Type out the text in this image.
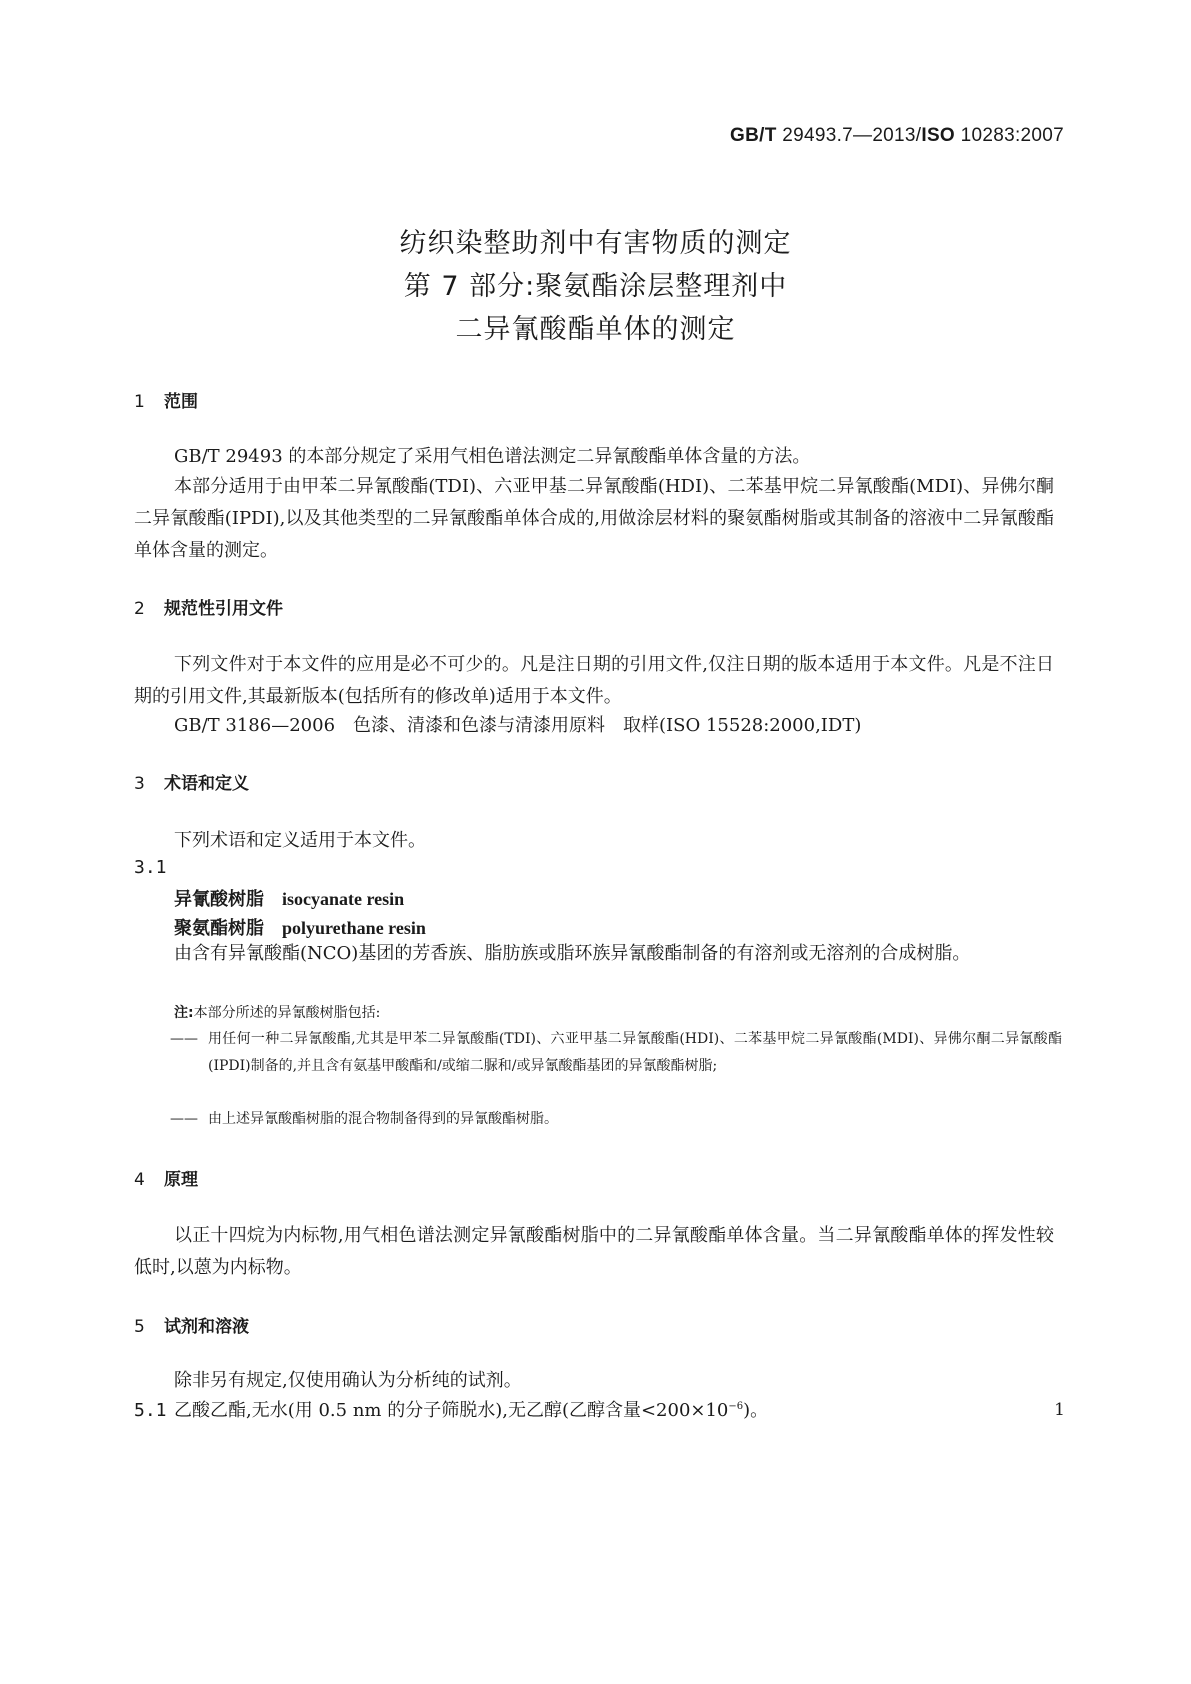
GB/T 29493.7—2013/ISO 10283:2007
纺织染整助剂中有害物质的测定
第 7 部分:聚氨酯涂层整理剂中
二异氰酸酯单体的测定
1 范围
GB/T 29493 的本部分规定了采用气相色谱法测定二异氰酸酯单体含量的方法。
本部分适用于由甲苯二异氰酸酯(TDI)、六亚甲基二异氰酸酯(HDI)、二苯基甲烷二异氰酸酯(MDI)、异佛尔酮二异氰酸酯(IPDI),以及其他类型的二异氰酸酯单体合成的,用做涂层材料的聚氨酯树脂或其制备的溶液中二异氰酸酯单体含量的测定。
2 规范性引用文件
下列文件对于本文件的应用是必不可少的。凡是注日期的引用文件,仅注日期的版本适用于本文件。凡是不注日期的引用文件,其最新版本(包括所有的修改单)适用于本文件。
GB/T 3186—2006　色漆、清漆和色漆与清漆用原料　取样(ISO 15528:2000,IDT)
3 术语和定义
下列术语和定义适用于本文件。
3.1
异氰酸树脂 isocyanate resin
聚氨酯树脂 polyurethane resin
由含有异氰酸酯(NCO)基团的芳香族、脂肪族或脂环族异氰酸酯制备的有溶剂或无溶剂的合成树脂。
注:本部分所述的异氰酸树脂包括:
—— 用任何一种二异氰酸酯,尤其是甲苯二异氰酸酯(TDI)、六亚甲基二异氰酸酯(HDI)、二苯基甲烷二异氰酸酯(MDI)、异佛尔酮二异氰酸酯(IPDI)制备的,并且含有氨基甲酸酯和/或缩二脲和/或异氰酸酯基团的异氰酸酯树脂;
—— 由上述异氰酸酯树脂的混合物制备得到的异氰酸酯树脂。
4 原理
以正十四烷为内标物,用气相色谱法测定异氰酸酯树脂中的二异氰酸酯单体含量。当二异氰酸酯单体的挥发性较低时,以蒽为内标物。
5 试剂和溶液
除非另有规定,仅使用确认为分析纯的试剂。
5.1 乙酸乙酯,无水(用 0.5 nm 的分子筛脱水),无乙醇(乙醇含量$<200\times 10^{-6}$)。	1
